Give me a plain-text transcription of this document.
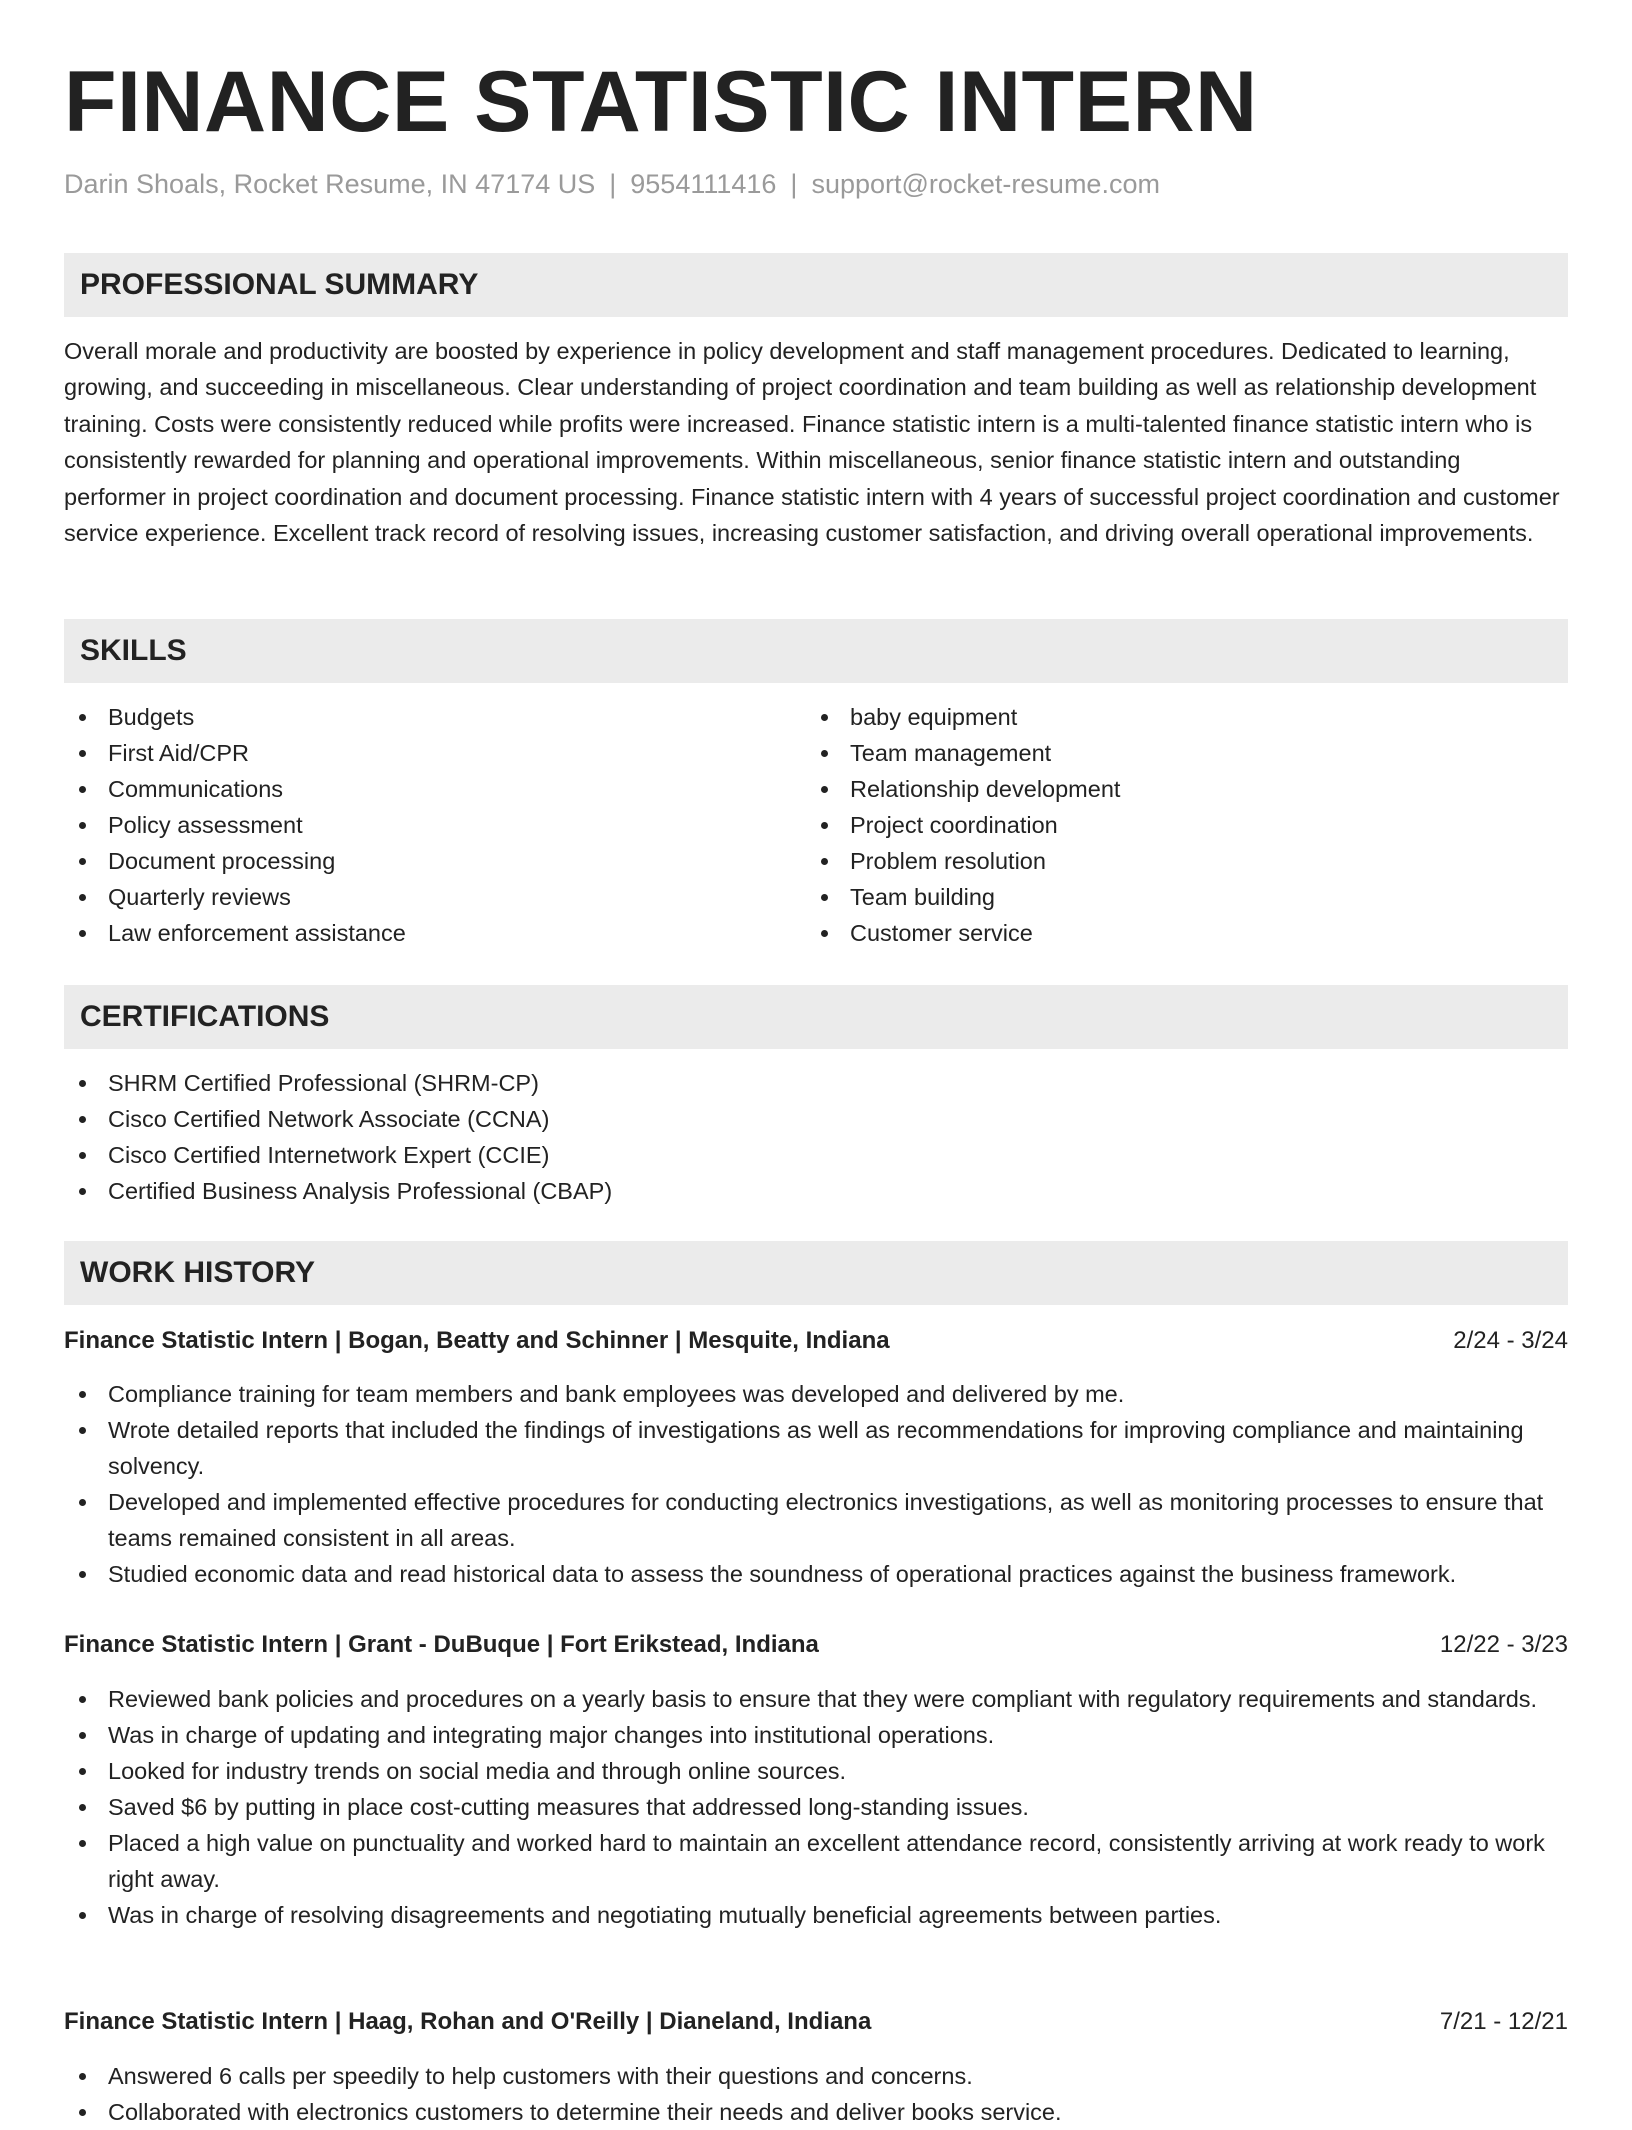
FINANCE STATISTIC INTERN
Darin Shoals, Rocket Resume, IN 47174 US | 9554111416 | support@rocket-resume.com
PROFESSIONAL SUMMARY

Overall morale and productivity are boosted by experience in policy development and staff management procedures. Dedicated to learning, growing, and succeeding in miscellaneous. Clear understanding of project coordination and team building as well as relationship development training. Costs were consistently reduced while profits were increased. Finance statistic intern is a multi-talented finance statistic intern who is consistently rewarded for planning and operational improvements. Within miscellaneous, senior finance statistic intern and outstanding performer in project coordination and document processing. Finance statistic intern with 4 years of successful project coordination and customer service experience. Excellent track record of resolving issues, increasing customer satisfaction, and driving overall operational improvements.

SKILLS
Budgets
First Aid/CPR
Communications
Policy assessment
Document processing
Quarterly reviews
Law enforcement assistance
baby equipment
Team management
Relationship development
Project coordination
Problem resolution
Team building
Customer service
CERTIFICATIONS
SHRM Certified Professional (SHRM-CP)
Cisco Certified Network Associate (CCNA)
Cisco Certified Internetwork Expert (CCIE)
Certified Business Analysis Professional (CBAP)
WORK HISTORY
Finance Statistic Intern | Bogan, Beatty and Schinner | Mesquite, Indiana	2/24 - 3/24
Compliance training for team members and bank employees was developed and delivered by me.
Wrote detailed reports that included the findings of investigations as well as recommendations for improving compliance and maintaining solvency.
Developed and implemented effective procedures for conducting electronics investigations, as well as monitoring processes to ensure that teams remained consistent in all areas.
Studied economic data and read historical data to assess the soundness of operational practices against the business framework.
Finance Statistic Intern | Grant - DuBuque | Fort Erikstead, Indiana	12/22 - 3/23
Reviewed bank policies and procedures on a yearly basis to ensure that they were compliant with regulatory requirements and standards.
Was in charge of updating and integrating major changes into institutional operations.
Looked for industry trends on social media and through online sources.
Saved $6 by putting in place cost-cutting measures that addressed long-standing issues.
Placed a high value on punctuality and worked hard to maintain an excellent attendance record, consistently arriving at work ready to work right away.
Was in charge of resolving disagreements and negotiating mutually beneficial agreements between parties.
Finance Statistic Intern | Haag, Rohan and O'Reilly | Dianeland, Indiana	7/21 - 12/21
Answered 6 calls per speedily to help customers with their questions and concerns.
Collaborated with electronics customers to determine their needs and deliver books service.
